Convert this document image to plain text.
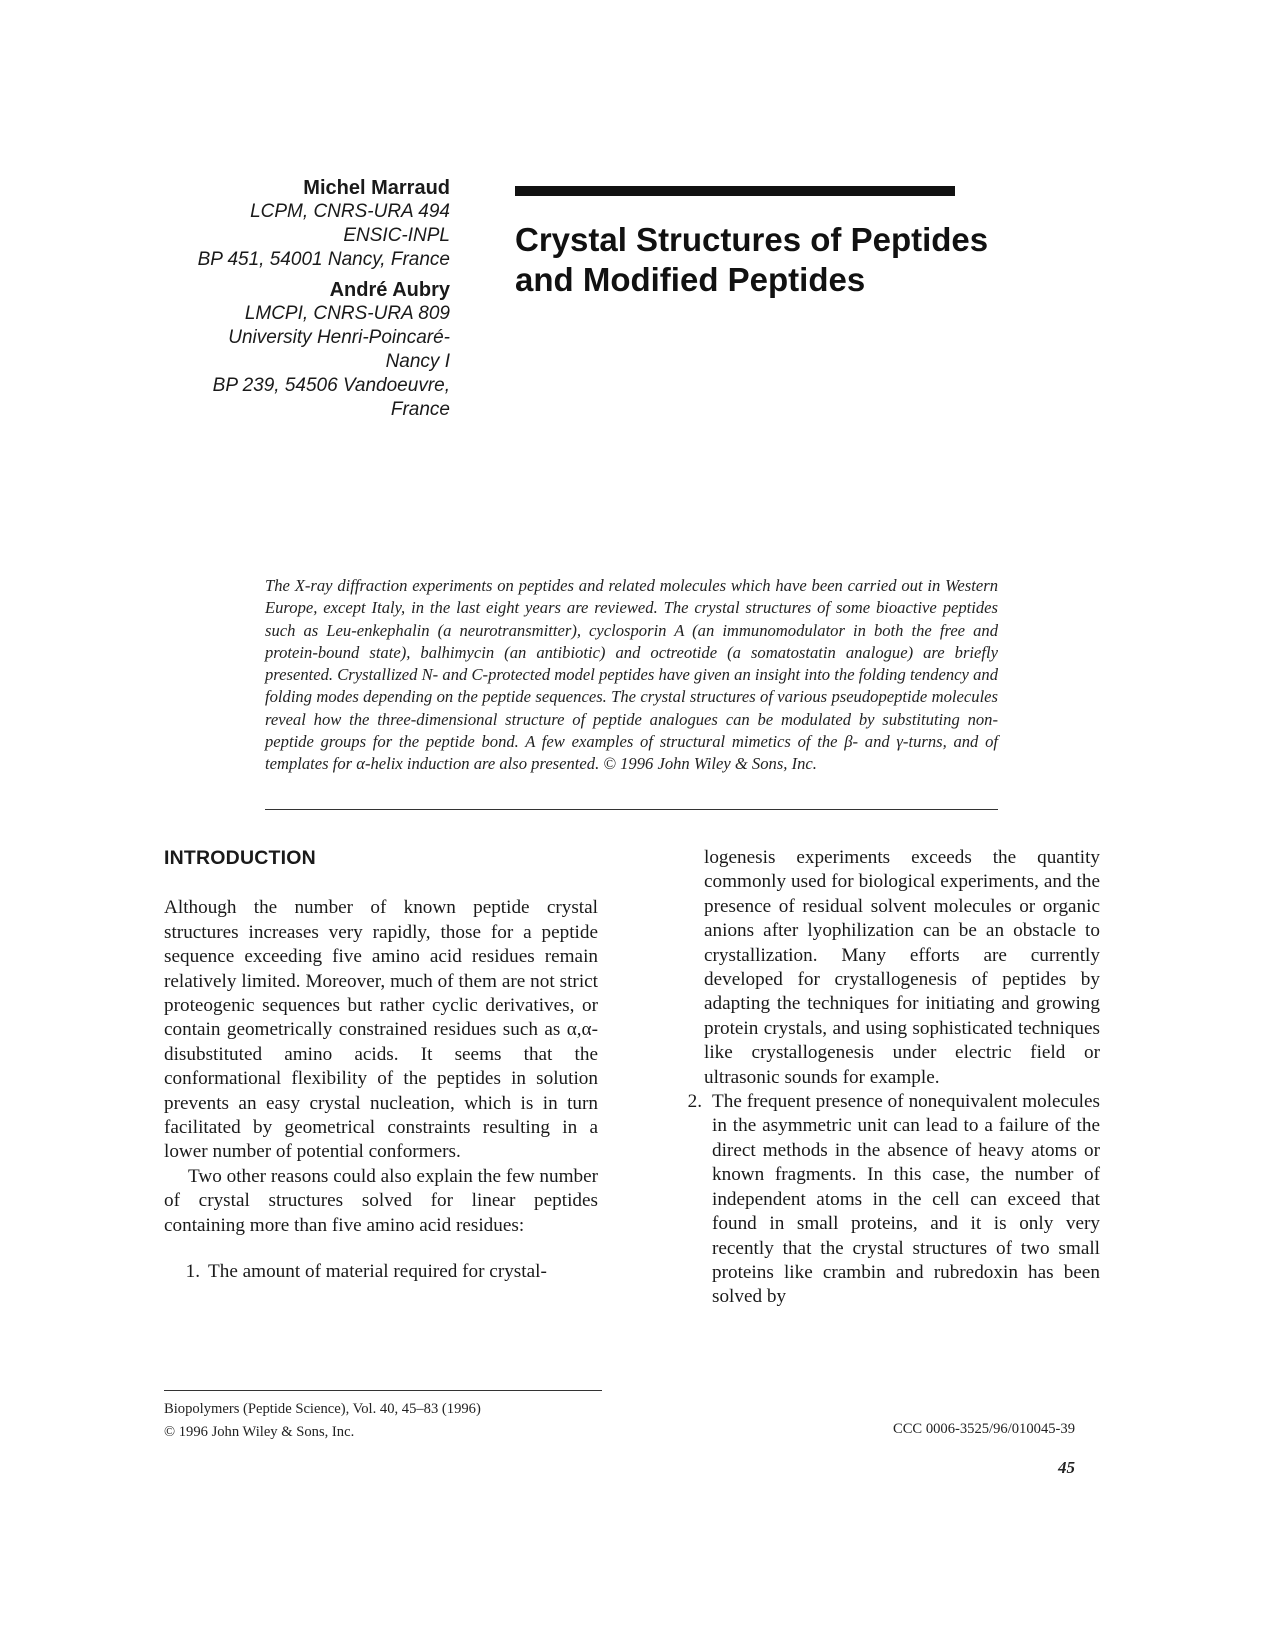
Michel Marraud
LCPM, CNRS-URA 494
ENSIC-INPL
BP 451, 54001 Nancy, France
André Aubry
LMCPI, CNRS-URA 809
University Henri-Poincaré-
Nancy I
BP 239, 54506 Vandoeuvre,
France
Crystal Structures of Peptides
and Modified Peptides
The X-ray diffraction experiments on peptides and related molecules which have been carried out in Western Europe, except Italy, in the last eight years are reviewed. The crystal structures of some bioactive peptides such as Leu-enkephalin (a neurotransmitter), cyclosporin A (an immunomodulator in both the free and protein-bound state), balhimycin (an antibiotic) and octreotide (a somatostatin analogue) are briefly presented. Crystallized N- and C-protected model peptides have given an insight into the folding tendency and folding modes depending on the peptide sequences. The crystal structures of various pseudopeptide molecules reveal how the three-dimensional structure of peptide analogues can be modulated by substituting non-peptide groups for the peptide bond. A few examples of structural mimetics of the β- and γ-turns, and of templates for α-helix induction are also presented. © 1996 John Wiley & Sons, Inc.
INTRODUCTION

Although the number of known peptide crystal structures increases very rapidly, those for a peptide sequence exceeding five amino acid residues remain relatively limited. Moreover, much of them are not strict proteogenic sequences but rather cyclic derivatives, or contain geometrically constrained residues such as α,α-disubstituted amino acids. It seems that the conformational flexibility of the peptides in solution prevents an easy crystal nucleation, which is in turn facilitated by geometrical constraints resulting in a lower number of potential conformers.

Two other reasons could also explain the few number of crystal structures solved for linear peptides containing more than five amino acid residues:

1. The amount of material required for crystal-

logenesis experiments exceeds the quantity commonly used for biological experiments, and the presence of residual solvent molecules or organic anions after lyophilization can be an obstacle to crystallization. Many efforts are currently developed for crystallogenesis of peptides by adapting the techniques for initiating and growing protein crystals, and using sophisticated techniques like crystallogenesis under electric field or ultrasonic sounds for example.

2. The frequent presence of nonequivalent molecules in the asymmetric unit can lead to a failure of the direct methods in the absence of heavy atoms or known fragments. In this case, the number of independent atoms in the cell can exceed that found in small proteins, and it is only very recently that the crystal structures of two small proteins like crambin and rubredoxin has been solved by
Biopolymers (Peptide Science), Vol. 40, 45–83 (1996)
© 1996 John Wiley & Sons, Inc.	CCC 0006-3525/96/010045-39
45
